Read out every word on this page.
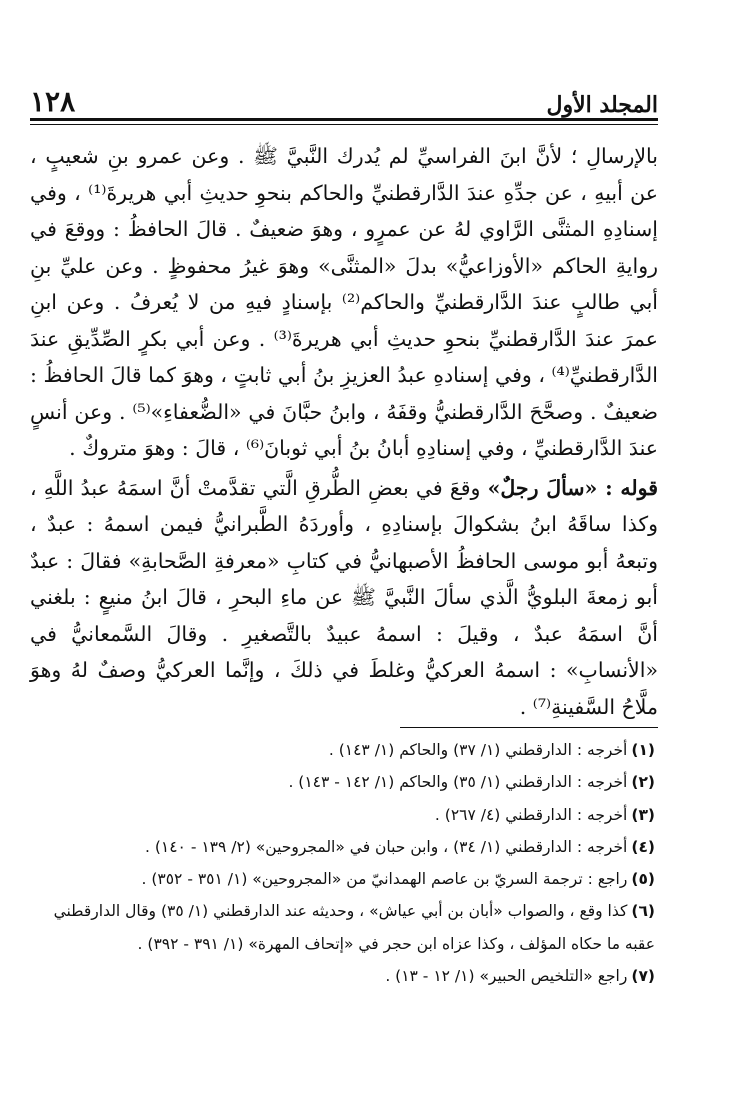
١٢٨	المجلد الأول

بالإرسالِ ؛ لأنَّ ابنَ الفراسيِّ لم يُدرك النَّبيَّ ﷺ . وعن عمرو بنِ شعيبٍ ، عن أبيهِ ، عن جدِّهِ عندَ الدَّارقطنيِّ والحاكم بنحوِ حديثِ أبي هريرةَ⁽¹⁾ ، وفي إسنادِهِ المثنَّى الرَّاوي لهُ عن عمرٍو ، وهوَ ضعيفٌ . قالَ الحافظُ : ووقعَ في روايةِ الحاكم «الأوزاعيُّ» بدلَ «المثنَّى» وهوَ غيرُ محفوظٍ . وعن عليِّ بنِ أبي طالبٍ عندَ الدَّارقطنيِّ والحاكم⁽²⁾ بإسنادٍ فيهِ من لا يُعرفُ . وعن ابنِ عمرَ عندَ الدَّارقطنيِّ بنحوِ حديثِ أبي هريرةَ⁽³⁾ . وعن أبي بكرٍ الصِّدِّيقِ عندَ الدَّارقطنيِّ⁽⁴⁾ ، وفي إسنادهِ عبدُ العزيزِ بنُ أبي ثابتٍ ، وهوَ كما قالَ الحافظُ : ضعيفٌ . وصحَّحَ الدَّارقطنيُّ وقفَهُ ، وابنُ حبَّانَ في «الضُّعفاءِ»⁽⁵⁾ . وعن أنسٍ عندَ الدَّارقطنيِّ ، وفي إسنادِهِ أبانُ بنُ أبي ثوبانَ⁽⁶⁾ ، قالَ : وهوَ متروكٌ .

قوله : «سألَ رجلٌ» وقعَ في بعضِ الطُّرقِ الَّتي تقدَّمتْ أنَّ اسمَهُ عبدُ اللَّهِ ، وكذا ساقَهُ ابنُ بشكوالَ بإسنادِهِ ، وأوردَهُ الطَّبرانيُّ فيمن اسمهُ : عبدٌ ، وتبعهُ أبو موسى الحافظُ الأصبهانيُّ في كتابِ «معرفةِ الصَّحابةِ» فقالَ : عبدٌ أبو زمعةَ البلويُّ الَّذي سألَ النَّبيَّ ﷺ عن ماءِ البحرِ ، قالَ ابنُ منيعٍ : بلغني أنَّ اسمَهُ عبدٌ ، وقيلَ : اسمهُ عبيدٌ بالتَّصغيرِ . وقالَ السَّمعانيُّ في «الأنسابِ» : اسمهُ العركيُّ وغلطَ في ذلكَ ، وإنَّما العركيُّ وصفٌ لهُ وهوَ ملَّاحُ السَّفينةِ⁽⁷⁾ .

(١)أخرجه : الدارقطني (١/ ٣٧) والحاكم (١/ ١٤٣) .
(٢)أخرجه : الدارقطني (١/ ٣٥) والحاكم (١/ ١٤٢ - ١٤٣) .
(٣)أخرجه : الدارقطني (٤/ ٢٦٧) .
(٤)أخرجه : الدارقطني (١/ ٣٤) ، وابن حبان في «المجروحين» (٢/ ١٣٩ - ١٤٠) .
(٥)راجع : ترجمة السريّ بن عاصم الهمدانيّ من «المجروحين» (١/ ٣٥١ - ٣٥٢) .
(٦)كذا وقع ، والصواب «أبان بن أبي عياش» ، وحديثه عند الدارقطني (١/ ٣٥) وقال الدارقطني عقبه ما حكاه المؤلف ، وكذا عزاه ابن حجر في «إتحاف المهرة» (١/ ٣٩١ - ٣٩٢) .
(٧)راجع «التلخيص الحبير» (١/ ١٢ - ١٣) .
